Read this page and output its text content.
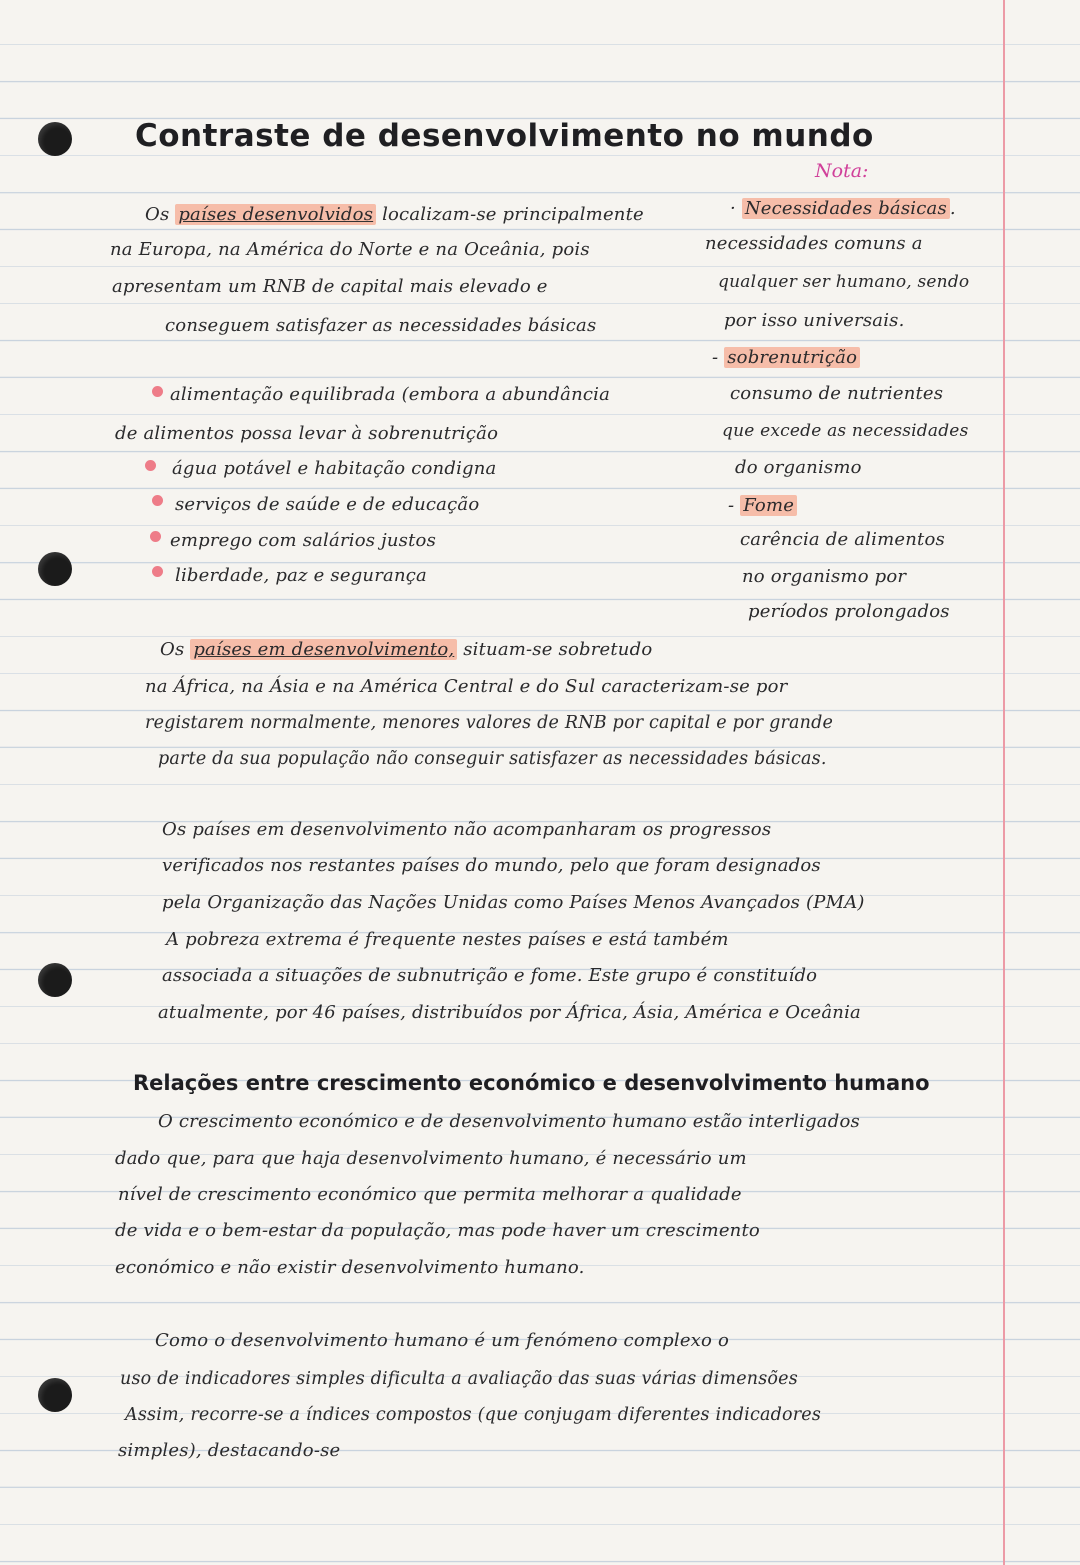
Contraste de desenvolvimento no mundo
Nota:

· Necessidades básicas .

necessidades comuns a

qualquer ser humano, sendo

por isso universais.

- sobrenutrição

consumo de nutrientes

que excede as necessidades

do organismo

- Fome

carência de alimentos

no organismo por

períodos prolongados

Os países desenvolvidos localizam-se principalmente

na Europa, na América do Norte e na Oceânia, pois

apresentam um RNB de capital mais elevado e

conseguem satisfazer as necessidades básicas

alimentação equilibrada (embora a abundância

de alimentos possa levar à sobrenutrição

água potável e habitação condigna

serviços de saúde e de educação

emprego com salários justos

liberdade, paz e segurança

Os países em desenvolvimento, situam-se sobretudo

na África, na Ásia e na América Central e do Sul caracterizam-se por

registarem normalmente, menores valores de RNB por capital e por grande

parte da sua população não conseguir satisfazer as necessidades básicas.

Os países em desenvolvimento não acompanharam os progressos

verificados nos restantes países do mundo, pelo que foram designados

pela Organização das Nações Unidas como Países Menos Avançados (PMA)

A pobreza extrema é frequente nestes países e está também

associada a situações de subnutrição e fome. Este grupo é constituído

atualmente, por 46 países, distribuídos por África, Ásia, América e Oceânia

Relações entre crescimento económico e desenvolvimento humano

O crescimento económico e de desenvolvimento humano estão interligados

dado que, para que haja desenvolvimento humano, é necessário um

nível de crescimento económico que permita melhorar a qualidade

de vida e o bem-estar da população, mas pode haver um crescimento

económico e não existir desenvolvimento humano.

Como o desenvolvimento humano é um fenómeno complexo o

uso de indicadores simples dificulta a avaliação das suas várias dimensões

Assim, recorre-se a índices compostos (que conjugam diferentes indicadores

simples), destacando-se
